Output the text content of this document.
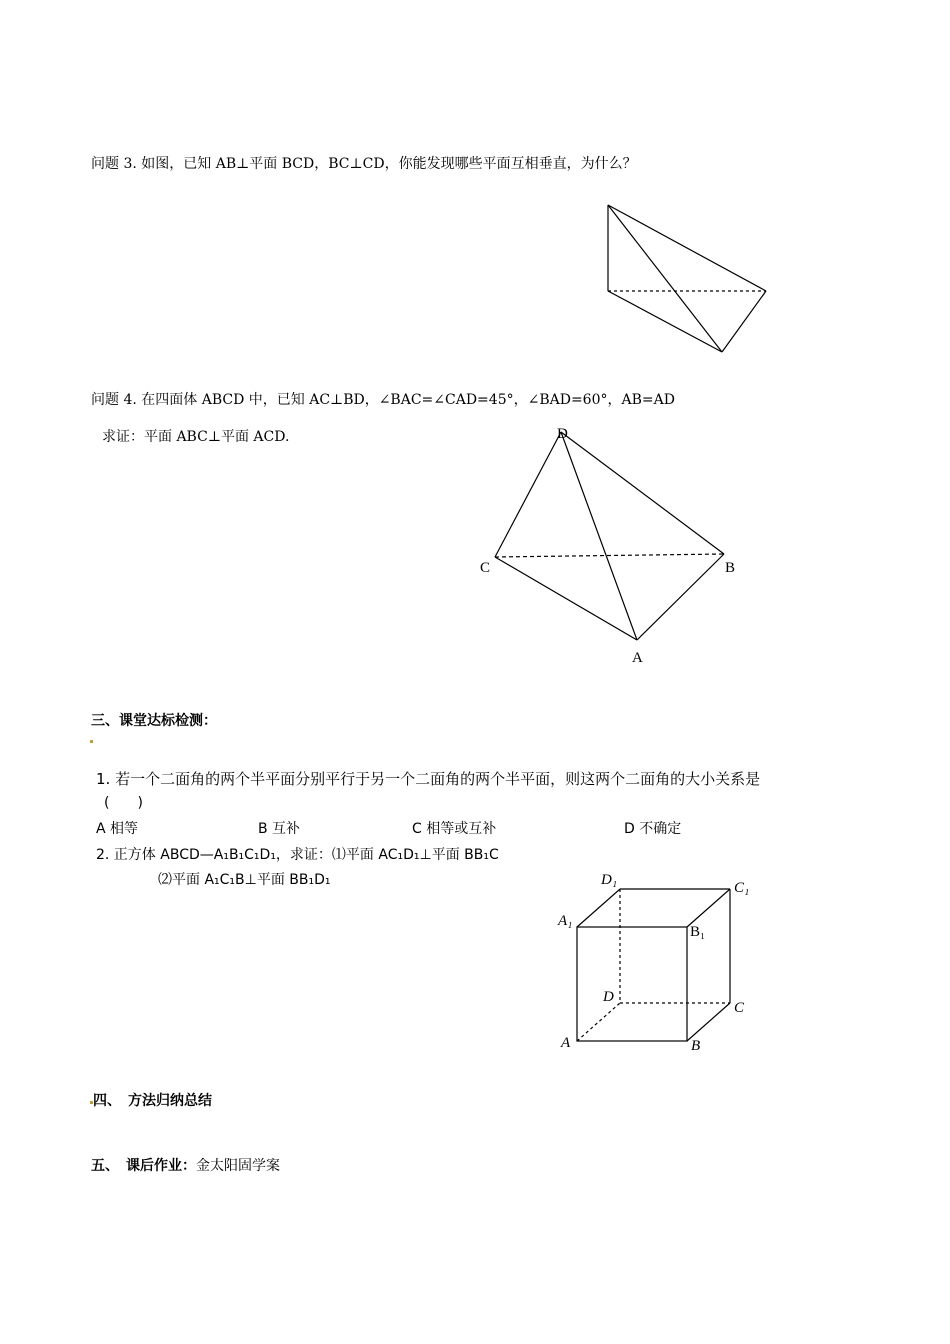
问题 3. 如图，已知 AB⊥平面 BCD，BC⊥CD，你能发现哪些平面互相垂直，为什么？
问题 4. 在四面体 ABCD 中，已知 AC⊥BD，∠BAC=∠CAD=45°，∠BAD=60°，AB=AD
求证：平面 ABC⊥平面 ACD.	D
C	B
A
三、课堂达标检测：
1. 若一个二面角的两个半平面分别平行于另一个二面角的两个半平面，则这两个二面角的大小关系是
(　　)
A 相等	B 互补	C 相等或互补	D 不确定
2. 正方体 ABCD—A₁B₁C₁D₁，求证：⑴平面 AC₁D₁⊥平面 BB₁C
⑵平面 A₁C₁B⊥平面 BB₁D₁	D₁	C₁
A₁
B₁
D
C
A	B
四、　方法归纳总结
五、　课后作业：金太阳固学案
